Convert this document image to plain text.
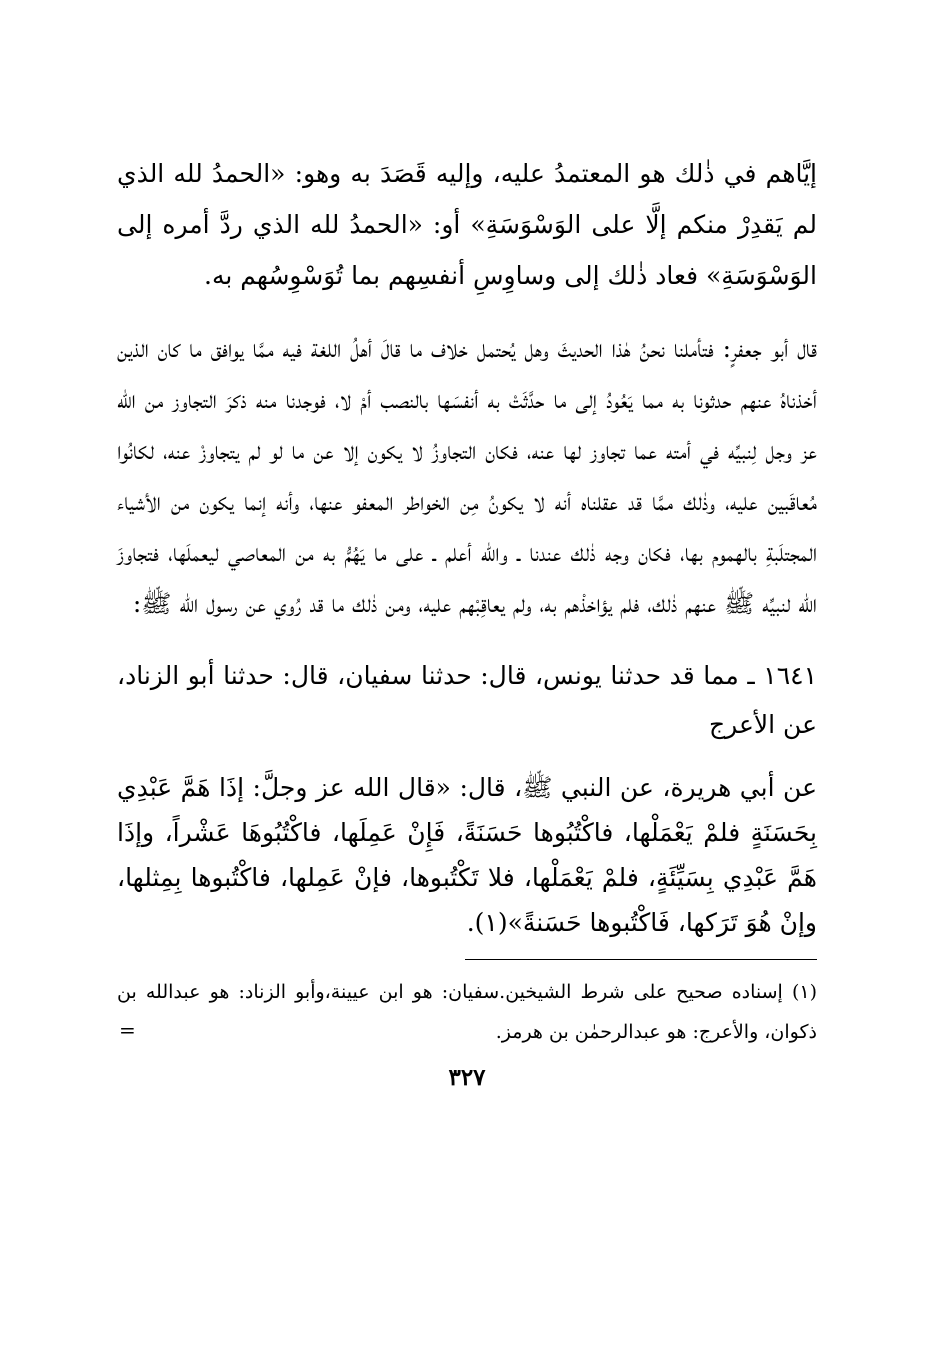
إيَّاهم في ذٰلك هو المعتمدُ عليه، وإليه قَصَدَ به وهو: «الحمدُ لله الذي لم يَقدِرْ منكم إلَّا على الوَسْوَسَةِ» أو: «الحمدُ لله الذي ردَّ أمره إلى الوَسْوَسَةِ» فعاد ذٰلك إلى وساوِسِ أنفسِهم بما تُوَسْوِسُهم به.

قال أبو جعفرٍ: فتأملنا نحنُ هٰذا الحديثَ وهل يُحتمل خلاف ما قالَ أهلُ اللغة فيه ممَّا يوافق ما كان الذين أخذناهُ عنهم حدثونا به مما يَعُودُ إلى ما حدَّثَتْ به أنفسَها بالنصب أمْ لا، فوجدنا منه ذكرَ التجاوز من الله عز وجل لِنبيِّه في أمته عما تجاوز لها عنه، فكان التجاوزُ لا يكون إلا عن ما لو لم يتجاوزْ عنه، لكانُوا مُعاقَبين عليه، وذٰلك ممَّا قد عقلناه أنه لا يكونُ مِن الخواطر المعفو عنها، وأنه إنما يكون من الأشياء المجتلَبةِ بالهموم بها، فكان وجه ذٰلك عندنا ـ والله أعلم ـ على ما يَهُمُّ به من المعاصي ليعملَها، فتجاوزَ الله لنبيِّه ﷺ عنهم ذٰلك، فلم يؤاخذْهم به، ولم يعاقِبْهم عليه، ومن ذٰلك ما قد رُوي عن رسول الله ﷺ:

١٦٤١ ـ مما قد حدثنا يونس، قال: حدثنا سفيان، قال: حدثنا أبو الزناد، عن الأعرج

عن أبي هريرة، عن النبي ﷺ، قال: «قال الله عز وجلَّ: إذَا هَمَّ عَبْدِي بِحَسَنَةٍ فلمْ يَعْمَلْها، فاكْتُبُوها حَسَنَةً، فَإِنْ عَمِلَها، فاكْتُبُوهَا عَشْراً، وإذَا هَمَّ عَبْدِي بِسَيِّئَةٍ، فلمْ يَعْمَلْها، فلا تَكْتُبوها، فإنْ عَمِلها، فاكْتُبوها بِمِثلها، وإنْ هُوَ تَرَكها، فَاكْتُبوها حَسَنةً»(١).

(١) إسناده صحيح على شرط الشيخين.سفيان: هو ابن عيينة،وأبو الزناد: هو عبدالله بن ذكوان، والأعرج: هو عبدالرحمٰن بن هرمز.
=

٣٢٧
